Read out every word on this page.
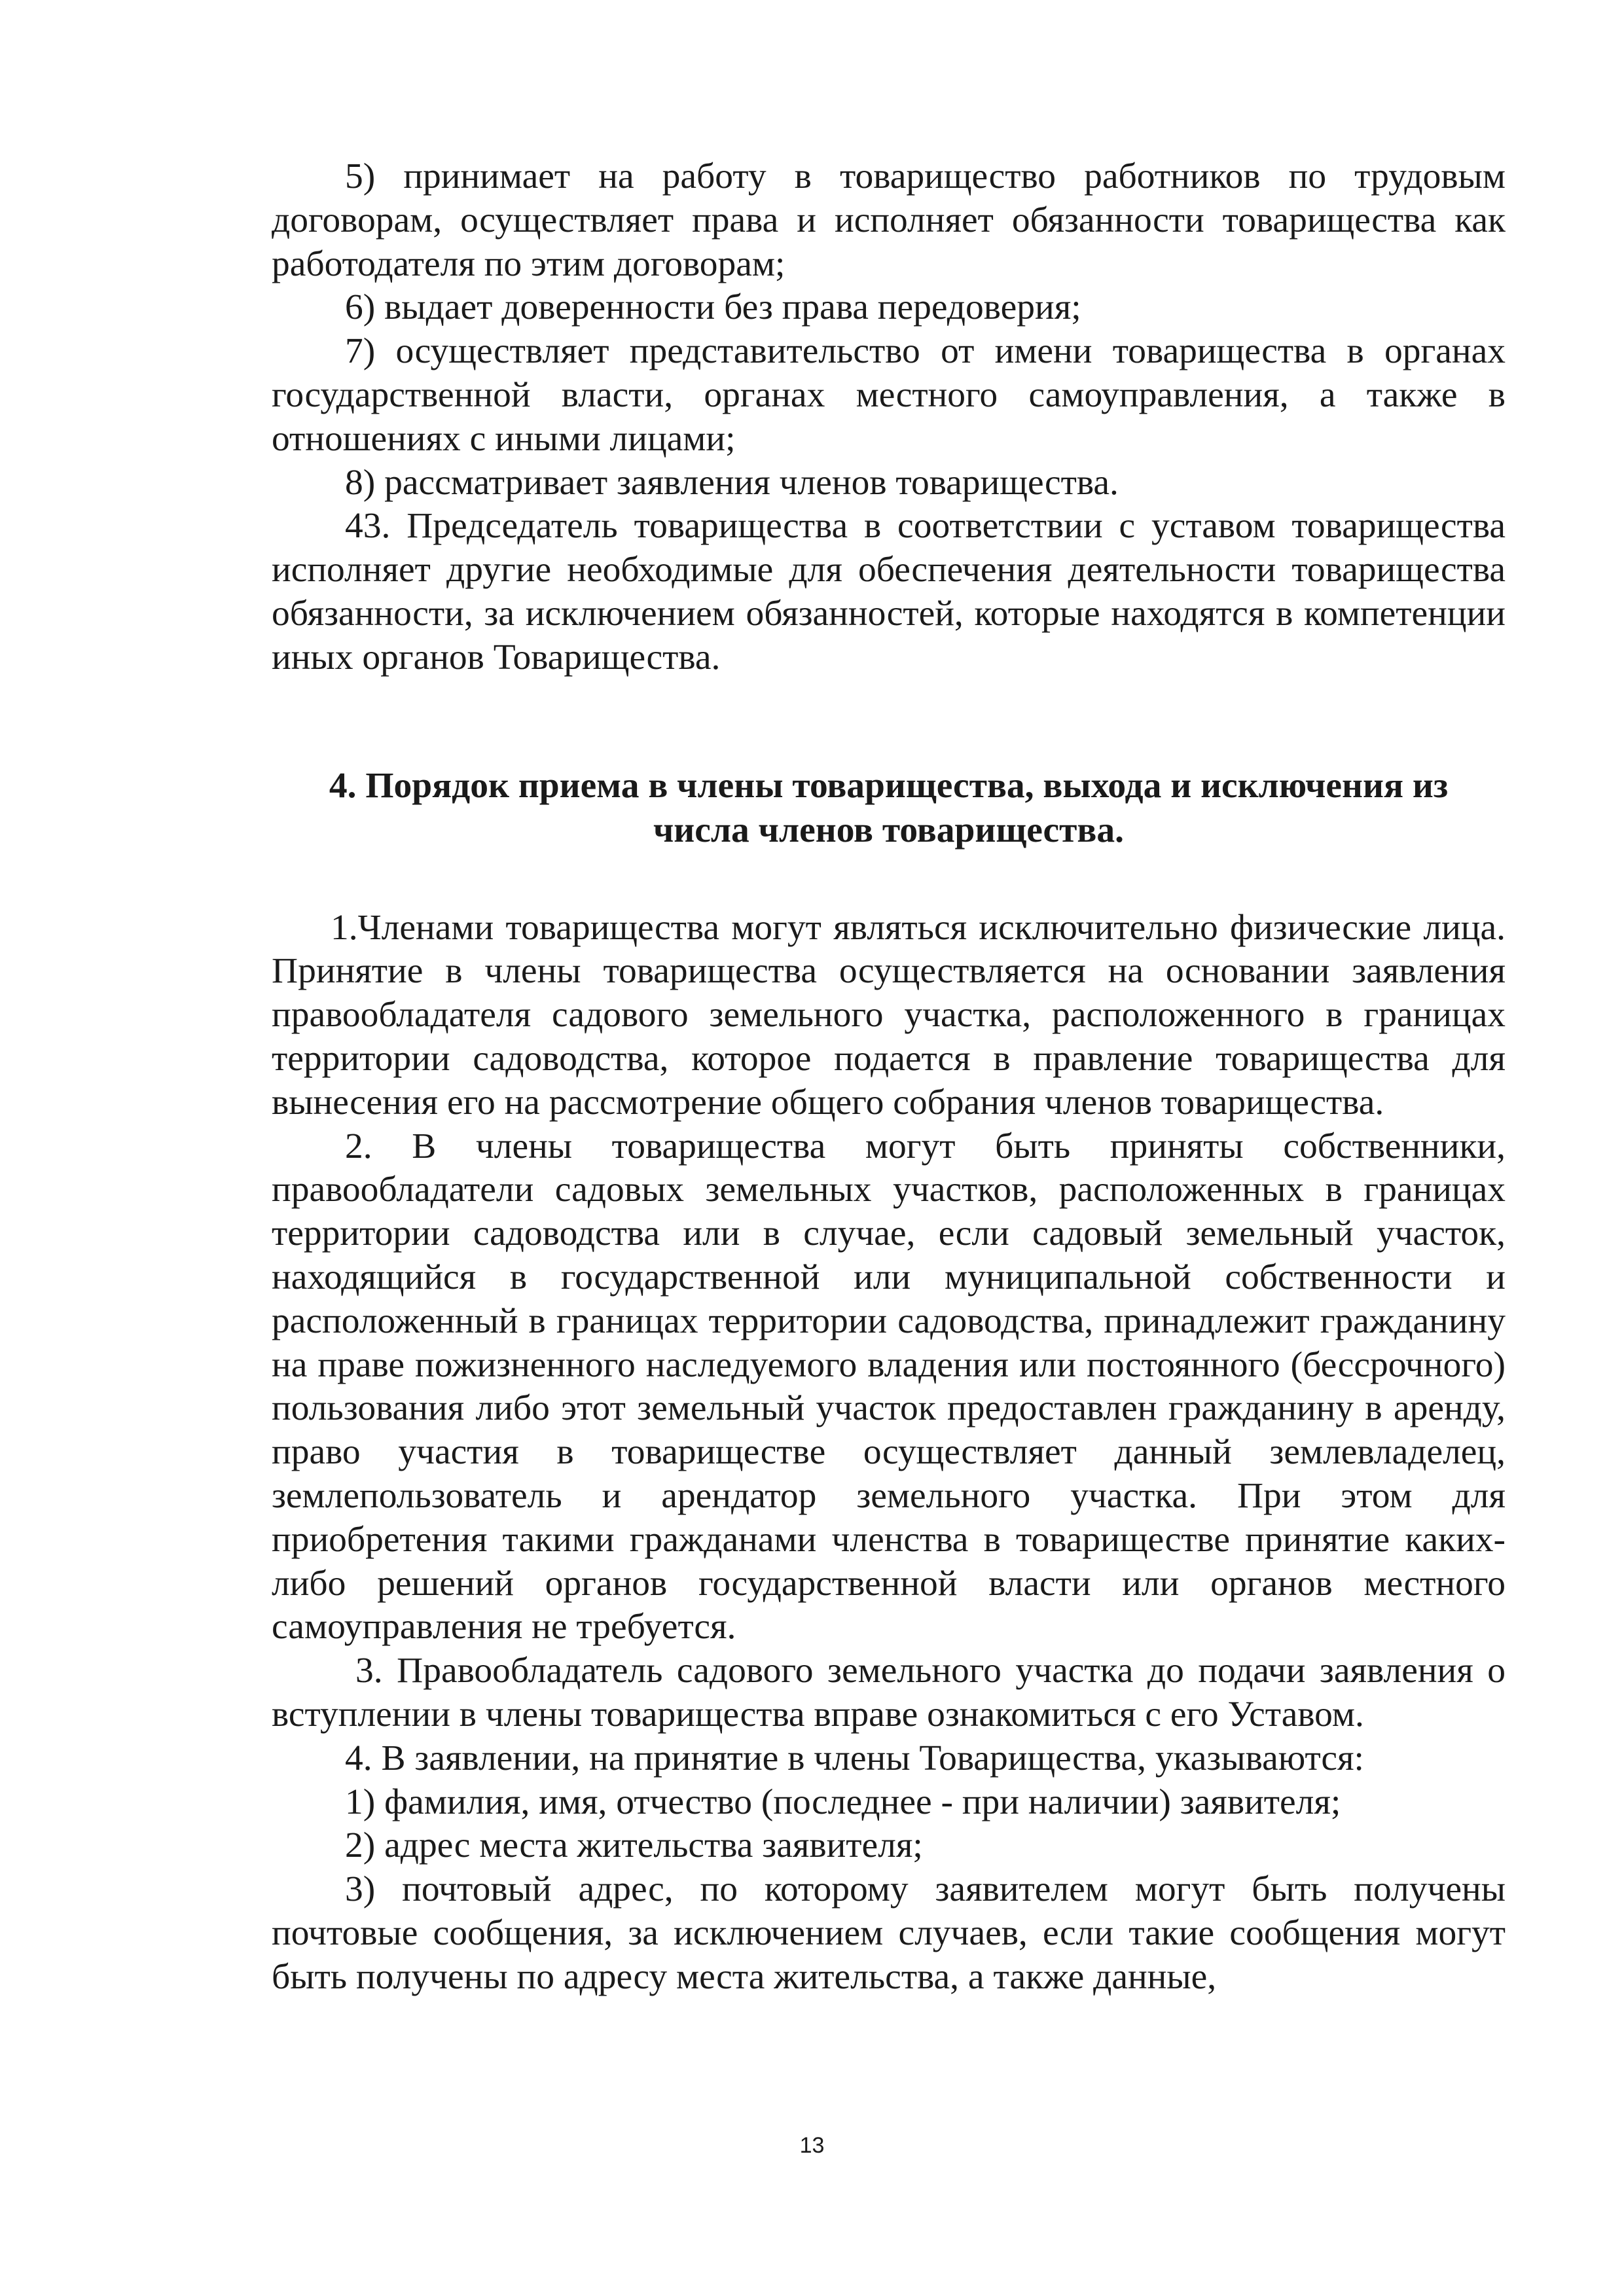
5) принимает на работу в товарищество работников по трудовым договорам, осуществляет права и исполняет обязанности товарищества как работодателя по этим договорам;

6) выдает доверенности без права передоверия;

7) осуществляет представительство от имени товарищества в органах государственной власти, органах местного самоуправления, а также в отношениях с иными лицами;

8) рассматривает заявления членов товарищества.

43. Председатель товарищества в соответствии с уставом товарищества исполняет другие необходимые для обеспечения деятельности товарищества обязанности, за исключением обязанностей, которые находятся в компетенции иных органов Товарищества.

4. Порядок приема в члены товарищества, выхода и исключения из
числа членов товарищества.

1.Членами товарищества могут являться исключительно физические лица. Принятие в члены товарищества осуществляется на основании заявления правообладателя садового земельного участка, расположенного в границах территории садоводства, которое подается в правление товарищества для вынесения его на рассмотрение общего собрания членов товарищества.

2. В члены товарищества могут быть приняты собственники, правообладатели садовых земельных участков, расположенных в границах территории садоводства или в случае, если садовый земельный участок, находящийся в государственной или муниципальной собственности и расположенный в границах территории садоводства, принадлежит гражданину на праве пожизненного наследуемого владения или постоянного (бессрочного) пользования либо этот земельный участок предоставлен гражданину в аренду, право участия в товариществе осуществляет данный землевладелец, землепользователь и арендатор земельного участка. При этом для приобретения такими гражданами членства в товариществе принятие каких-либо решений органов государственной власти или органов местного самоуправления не требуется.

3. Правообладатель садового земельного участка до подачи заявления о вступлении в члены товарищества вправе ознакомиться с его Уставом.

4. В заявлении, на принятие в члены Товарищества, указываются:

1) фамилия, имя, отчество (последнее - при наличии) заявителя;

2) адрес места жительства заявителя;

3) почтовый адрес, по которому заявителем могут быть получены почтовые сообщения, за исключением случаев, если такие сообщения могут быть получены по адресу места жительства, а также данные,

13
